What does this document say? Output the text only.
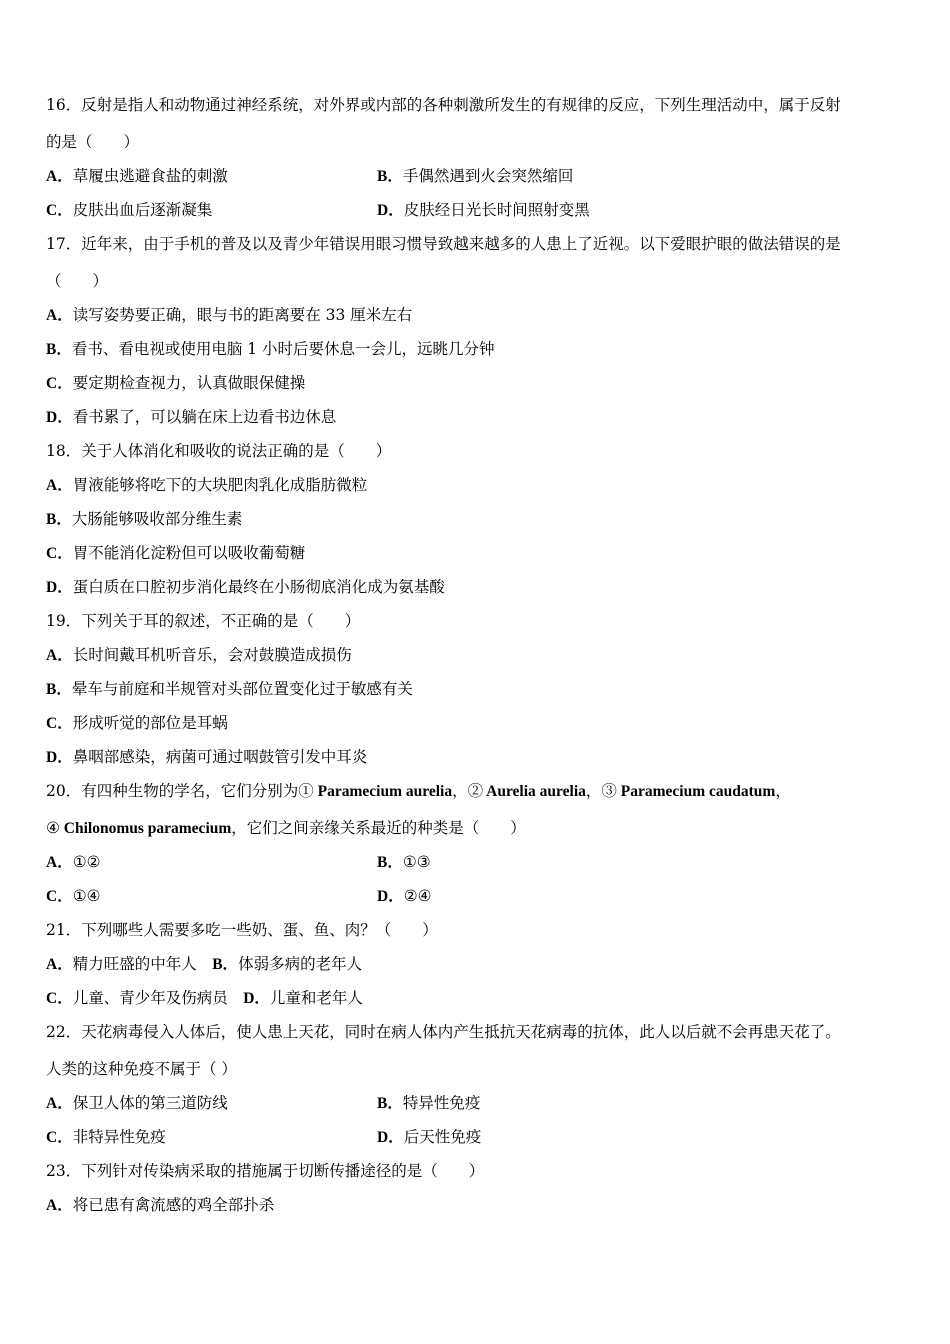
16．反射是指人和动物通过神经系统，对外界或内部的各种刺激所发生的有规律的反应，下列生理活动中，属于反射
的是（　　）
A．草履虫逃避食盐的刺激	B．手偶然遇到火会突然缩回
C．皮肤出血后逐渐凝集	D．皮肤经日光长时间照射变黑
17．近年来，由于手机的普及以及青少年错误用眼习惯导致越来越多的人患上了近视。以下爱眼护眼的做法错误的是
（　　）
A．读写姿势要正确，眼与书的距离要在 33 厘米左右
B．看书、看电视或使用电脑 1 小时后要休息一会儿，远眺几分钟
C．要定期检查视力，认真做眼保健操
D．看书累了，可以躺在床上边看书边休息
18．关于人体消化和吸收的说法正确的是（　　）
A．胃液能够将吃下的大块肥肉乳化成脂肪微粒
B．大肠能够吸收部分维生素
C．胃不能消化淀粉但可以吸收葡萄糖
D．蛋白质在口腔初步消化最终在小肠彻底消化成为氨基酸
19．下列关于耳的叙述，不正确的是（　　）
A．长时间戴耳机听音乐，会对鼓膜造成损伤
B．晕车与前庭和半规管对头部位置变化过于敏感有关
C．形成听觉的部位是耳蜗
D．鼻咽部感染，病菌可通过咽鼓管引发中耳炎
20．有四种生物的学名，它们分别为① Paramecium aurelia，② Aurelia aurelia，③ Paramecium caudatum，
④ Chilonomus paramecium，它们之间亲缘关系最近的种类是（　　）
A．①②	B．①③
C．①④	D．②④
21．下列哪些人需要多吃一些奶、蛋、鱼、肉？（　　）
A．精力旺盛的中年人　B．体弱多病的老年人
C．儿童、青少年及伤病员　D．儿童和老年人
22．天花病毒侵入人体后，使人患上天花，同时在病人体内产生抵抗天花病毒的抗体，此人以后就不会再患天花了。
人类的这种免疫不属于（ ）
A．保卫人体的第三道防线	B．特异性免疫
C．非特异性免疫	D．后天性免疫
23．下列针对传染病采取的措施属于切断传播途径的是（　　）
A．将已患有禽流感的鸡全部扑杀
